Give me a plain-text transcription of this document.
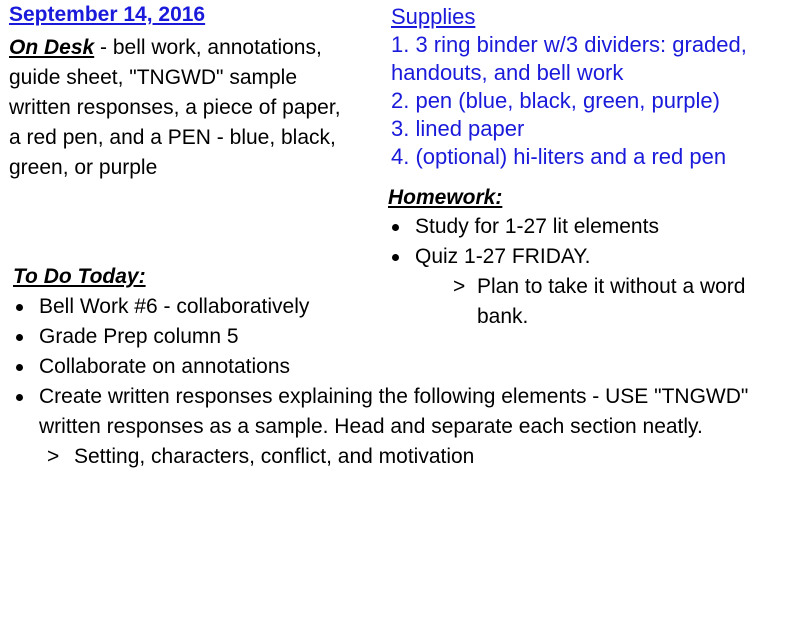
September 14, 2016
On Desk - bell work, annotations, guide sheet, "TNGWD" sample written responses, a piece of paper, a red pen, and a PEN - blue, black, green, or purple
Supplies
1. 3 ring binder w/3 dividers: graded, handouts, and bell work
2. pen (blue, black, green, purple)
3. lined paper
4. (optional) hi-liters and a red pen
Homework:
Study for 1-27 lit elements
Quiz 1-27 FRIDAY.
> Plan to take it without a word bank.
To Do Today:
Bell Work #6 - collaboratively
Grade Prep column 5
Collaborate on annotations
Create written responses explaining the following elements - USE "TNGWD" written responses as a sample. Head and separate each section neatly.
> Setting, characters, conflict, and motivation
